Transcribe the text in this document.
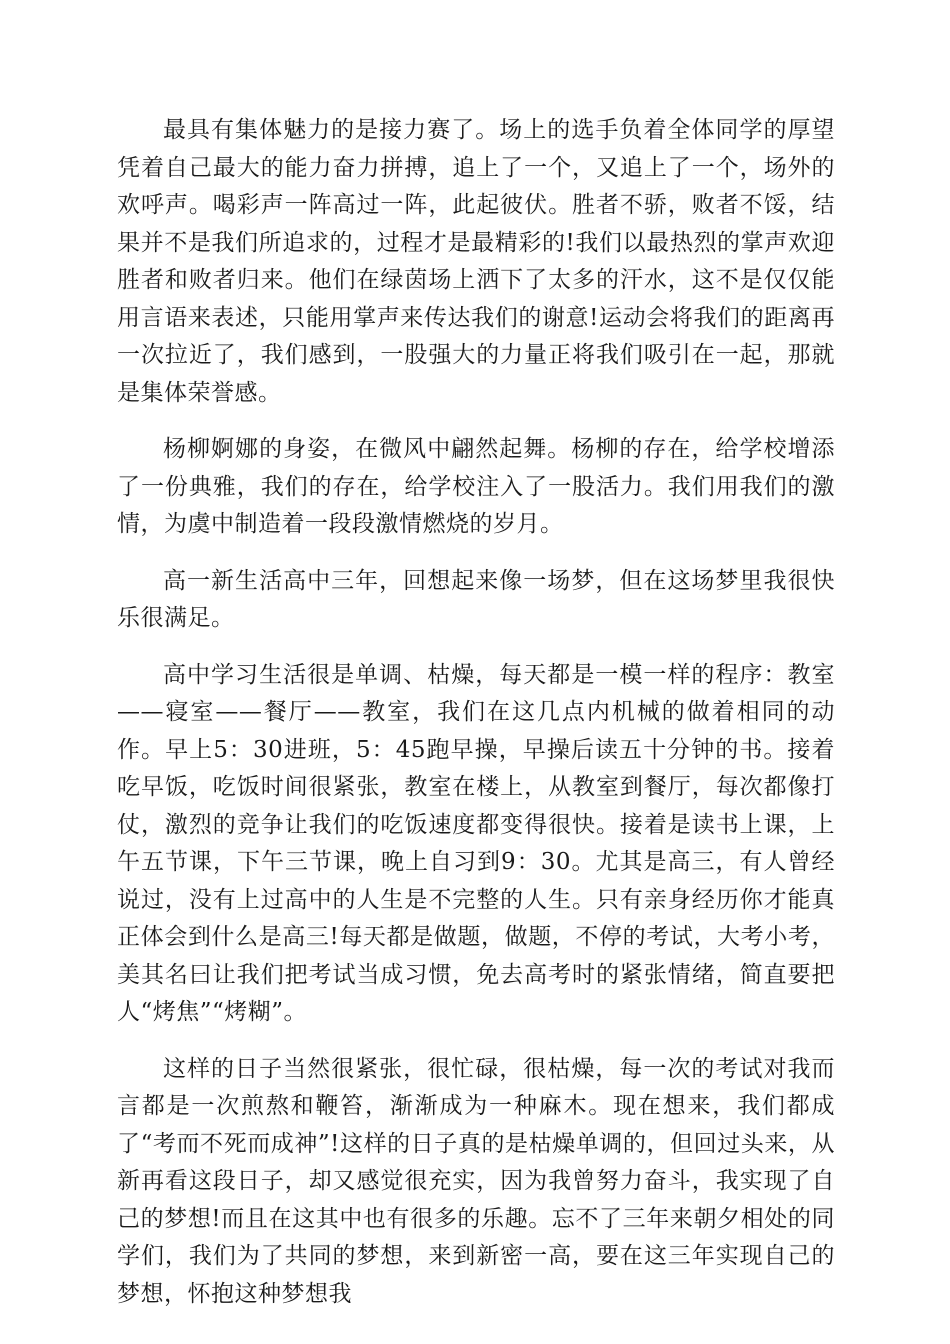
最具有集体魅力的是接力赛了。场上的选手负着全体同学的厚望凭着自己最大的能力奋力拼搏，追上了一个，又追上了一个，场外的欢呼声。喝彩声一阵高过一阵，此起彼伏。胜者不骄，败者不馁，结果并不是我们所追求的，过程才是最精彩的!我们以最热烈的掌声欢迎胜者和败者归来。他们在绿茵场上洒下了太多的汗水，这不是仅仅能用言语来表述，只能用掌声来传达我们的谢意!运动会将我们的距离再一次拉近了，我们感到，一股强大的力量正将我们吸引在一起，那就是集体荣誉感。

杨柳婀娜的身姿，在微风中翩然起舞。杨柳的存在，给学校增添了一份典雅，我们的存在，给学校注入了一股活力。我们用我们的激情，为虞中制造着一段段激情燃烧的岁月。

高一新生活高中三年，回想起来像一场梦，但在这场梦里我很快乐很满足。

高中学习生活很是单调、枯燥，每天都是一模一样的程序：教室——寝室——餐厅——教室，我们在这几点内机械的做着相同的动作。早上5：30进班，5：45跑早操，早操后读五十分钟的书。接着吃早饭，吃饭时间很紧张，教室在楼上，从教室到餐厅，每次都像打仗，激烈的竞争让我们的吃饭速度都变得很快。接着是读书上课，上午五节课，下午三节课，晚上自习到9：30。尤其是高三，有人曾经说过，没有上过高中的人生是不完整的人生。只有亲身经历你才能真正体会到什么是高三!每天都是做题，做题，不停的考试，大考小考，美其名曰让我们把考试当成习惯，免去高考时的紧张情绪，简直要把人“烤焦”“烤糊”。

这样的日子当然很紧张，很忙碌，很枯燥，每一次的考试对我而言都是一次煎熬和鞭笞，渐渐成为一种麻木。现在想来，我们都成了“考而不死而成神”!这样的日子真的是枯燥单调的，但回过头来，从新再看这段日子，却又感觉很充实，因为我曾努力奋斗，我实现了自己的梦想!而且在这其中也有很多的乐趣。忘不了三年来朝夕相处的同学们，我们为了共同的梦想，来到新密一高，要在这三年实现自己的梦想，怀抱这种梦想我
